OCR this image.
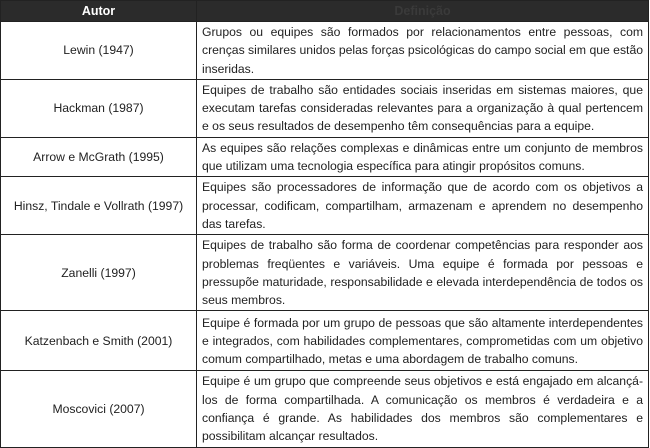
Autor	Definição
Lewin (1947)	Grupos ou equipes são formados por relacionamentos entre pessoas, com crenças similares unidos pelas forças psicológicas do campo social em que estão inseridas.
Hackman (1987)	Equipes de trabalho são entidades sociais inseridas em sistemas maiores, que executam tarefas consideradas relevantes para a organização à qual pertencem e os seus resultados de desempenho têm consequências para a equipe.
Arrow e McGrath (1995)	As equipes são relações complexas e dinâmicas entre um conjunto de membros que utilizam uma tecnologia específica para atingir propósitos comuns.
Hinsz, Tindale e Vollrath (1997)	Equipes são processadores de informação que de acordo com os objetivos a processar, codificam, compartilham, armazenam e aprendem no desempenho das tarefas.
Zanelli (1997)	Equipes de trabalho são forma de coordenar competências para responder aos problemas freqüentes e variáveis. Uma equipe é formada por pessoas e pressupõe maturidade, responsabilidade e elevada interdependência de todos os seus membros.
Katzenbach e Smith (2001)	Equipe é formada por um grupo de pessoas que são altamente interdependentes e integrados, com habilidades complementares, comprometidas com um objetivo comum compartilhado, metas e uma abordagem de trabalho comuns.
Moscovici (2007)	Equipe é um grupo que compreende seus objetivos e está engajado em alcançá-los de forma compartilhada. A comunicação os membros é verdadeira e a confiança é grande. As habilidades dos membros são complementares e possibilitam alcançar resultados.
